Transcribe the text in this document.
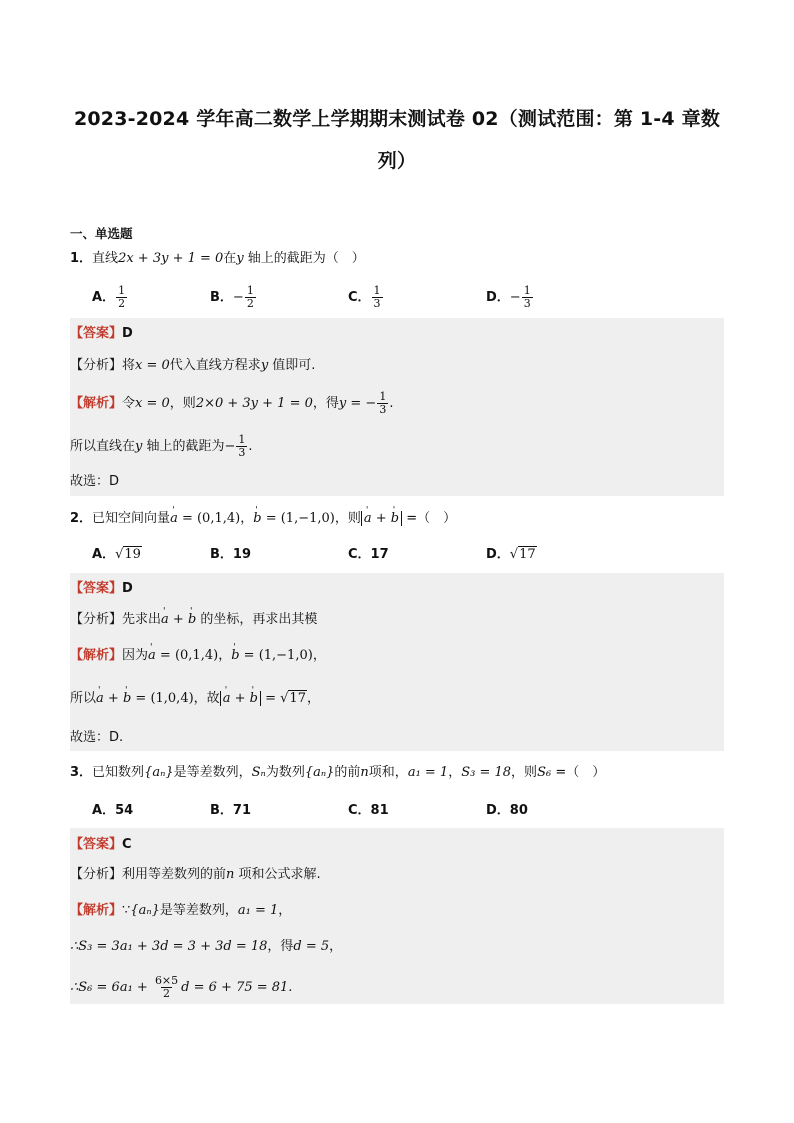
2023-2024 学年高二数学上学期期末测试卷 02（测试范围：第 1-4 章数
列）
一、单选题
1．直线2x + 3y + 1 = 0在y 轴上的截距为（　）
A． $\frac{1}{2}$	B．− $\frac{1}{2}$	C． $\frac{1}{3}$	D．− $\frac{1}{3}$
【答案】D
【分析】将x = 0代入直线方程求y 值即可.
【解析】令x = 0，则2×0 + 3y + 1 = 0，得y = − $\frac{1}{3}$ .
所以直线在y 轴上的截距为− $\frac{1}{3}$ .
故选：D
2．已知空间向量' a = (0,1,4)，' b = (1,−1,0)，则 ' a + ' b =（　）
A．√19	B．19	C．17	D．√17
【答案】D
【分析】先求出' a + ' b 的坐标，再求出其模
【解析】因为' a = (0,1,4)，' b = (1,−1,0)，
所以' a + ' b = (1,0,4)，故 ' a + ' b = √17，
故选：D.
3．已知数列{aₙ}是等差数列，Sₙ为数列{aₙ}的前n项和，a₁ = 1，S₃ = 18，则S₆ =（　）
A．54	B．71	C．81	D．80
【答案】C
【分析】利用等差数列的前n 项和公式求解.
【解析】∵{aₙ}是等差数列，a₁ = 1，
∴S₃ = 3a₁ + 3d = 3 + 3d = 18，得d = 5，
∴S₆ = $6a_1 + \frac{6\times 5}{2}$ d = 6 + 75 = 81.
